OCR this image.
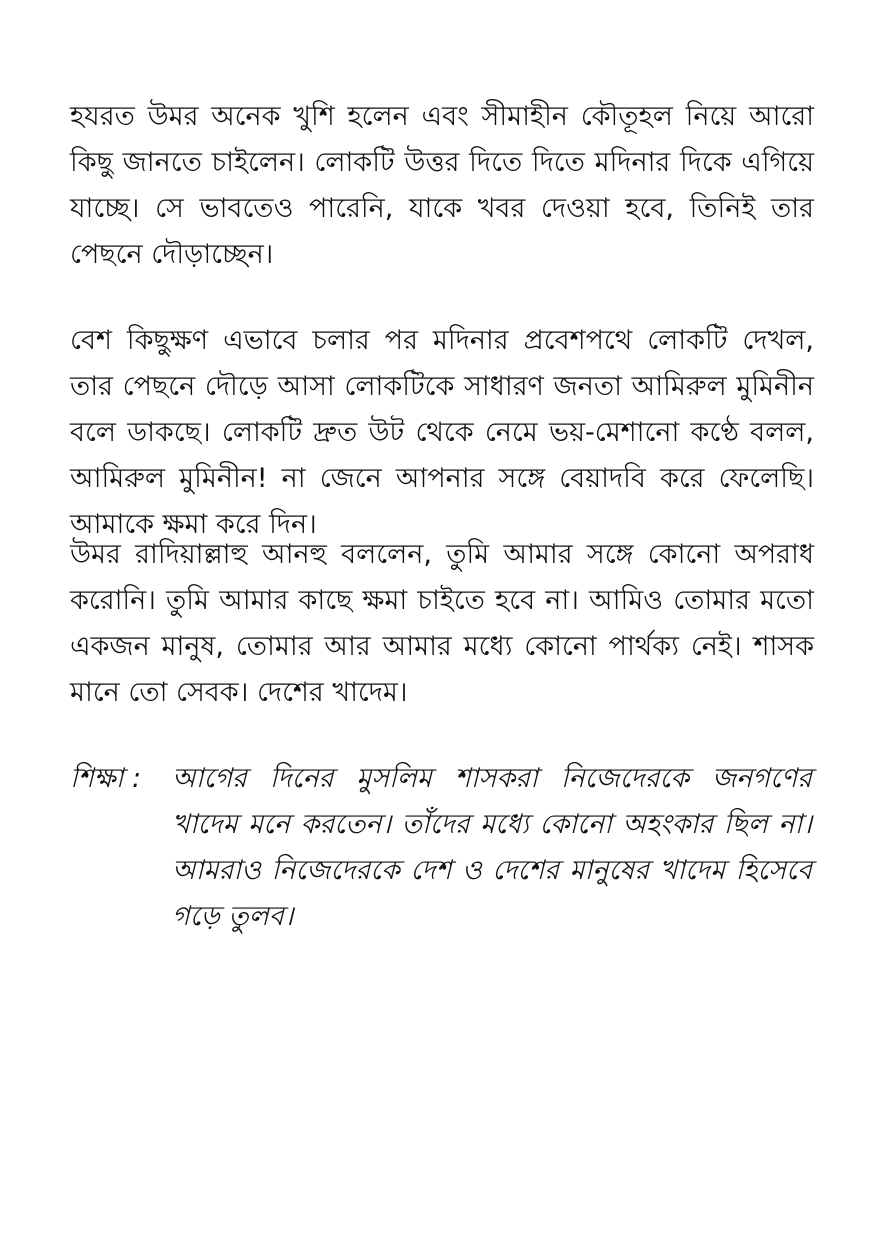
হযরত উমর অনেক খুশি হলেন এবং সীমাহীন কৌতূহল নিয়ে আরো কিছু জানতে চাইলেন। লোকটি উত্তর দিতে দিতে মদিনার দিকে এগিয়ে যাচ্ছে। সে ভাবতেও পারেনি, যাকে খবর দেওয়া হবে, তিনিই তার পেছনে দৌড়াচ্ছেন।

বেশ কিছুক্ষণ এভাবে চলার পর মদিনার প্রবেশপথে লোকটি দেখল, তার পেছনে দৌড়ে আসা লোকটিকে সাধারণ জনতা আমিরুল মুমিনীন বলে ডাকছে। লোকটি দ্রুত উট থেকে নেমে ভয়-মেশানো কণ্ঠে বলল, আমিরুল মুমিনীন! না জেনে আপনার সঙ্গে বেয়াদবি করে ফেলেছি। আমাকে ক্ষমা করে দিন।

উমর রাদিয়াল্লাহু আনহু বললেন, তুমি আমার সঙ্গে কোনো অপরাধ করোনি। তুমি আমার কাছে ক্ষমা চাইতে হবে না। আমিও তোমার মতো একজন মানুষ, তোমার আর আমার মধ্যে কোনো পার্থক্য নেই। শাসক মানে তো সেবক। দেশের খাদেম।

শিক্ষা :	আগের দিনের মুসলিম শাসকরা নিজেদেরকে জনগণের খাদেম মনে করতেন। তাঁদের মধ্যে কোনো অহংকার ছিল না। আমরাও নিজেদেরকে দেশ ও দেশের মানুষের খাদেম হিসেবে গড়ে তুলব।
